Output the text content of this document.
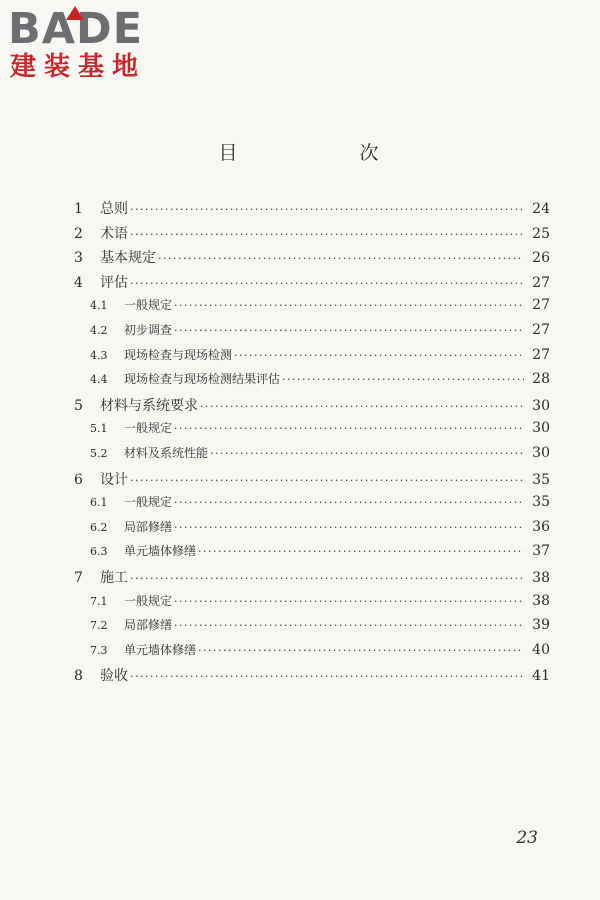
BADE
建装基地
目 次
1	总则 ·····	24
2	术语 ·····	25
3	基本规定 ·····	26
4	评估 ·····	27
4.1	一般规定 ·····	27
4.2	初步调查 ·····	27
4.3	现场检查与现场检测 ·····	27
4.4	现场检查与现场检测结果评估 ·····	28
5	材料与系统要求 ·····	30
5.1	一般规定 ·····	30
5.2	材料及系统性能 ·····	30
6	设计 ·····	35
6.1	一般规定 ·····	35
6.2	局部修缮 ·····	36
6.3	单元墙体修缮 ·····	37
7	施工 ·····	38
7.1	一般规定 ·····	38
7.2	局部修缮 ·····	39
7.3	单元墙体修缮 ·····	40
8	验收 ·····	41
23
